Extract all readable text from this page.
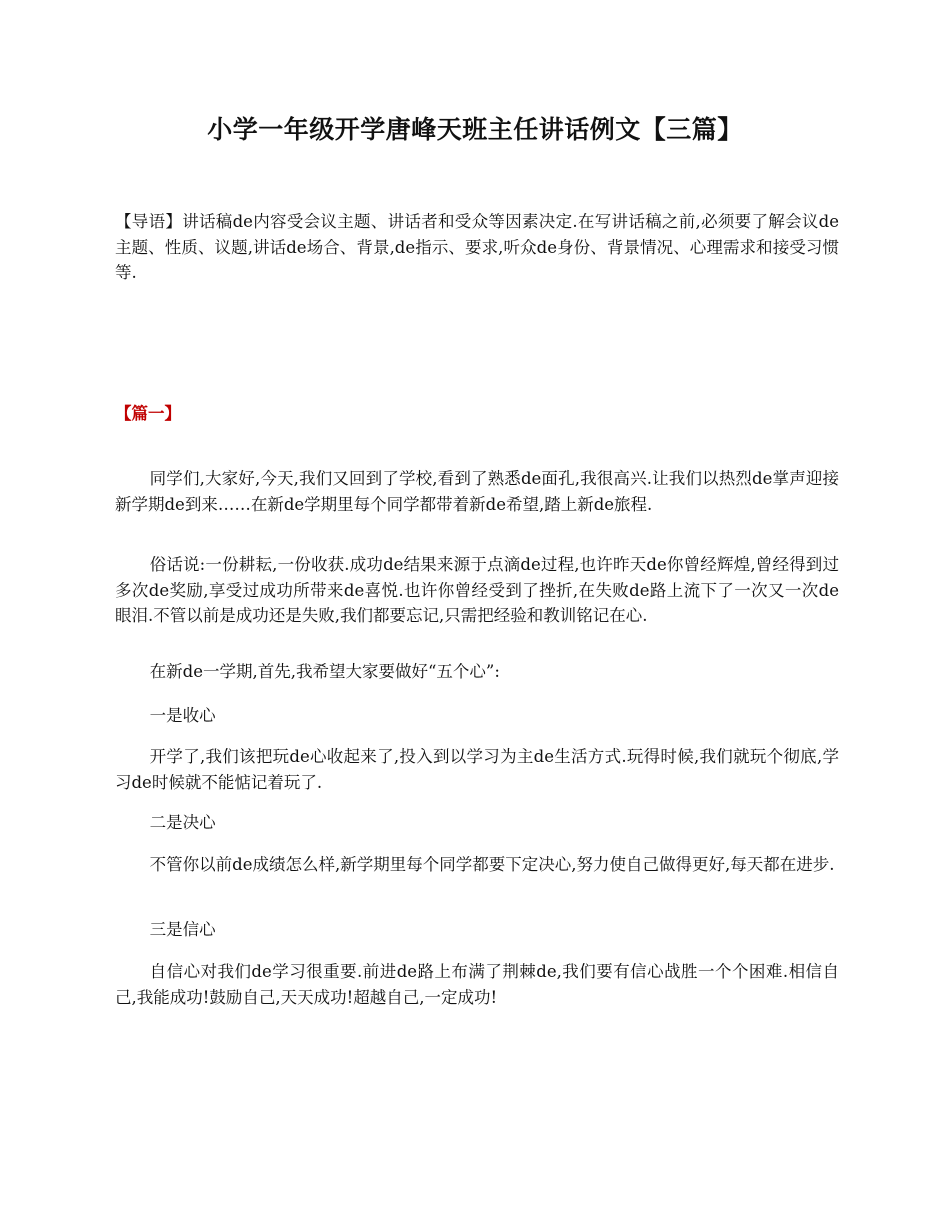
小学一年级开学唐峰天班主任讲话例文【三篇】

【导语】讲话稿de内容受会议主题、讲话者和受众等因素决定.在写讲话稿之前,必须要了解会议de主题、性质、议题,讲话de场合、背景,de指示、要求,听众de身份、背景情况、心理需求和接受习惯等.

【篇一】

同学们,大家好,今天,我们又回到了学校,看到了熟悉de面孔,我很高兴.让我们以热烈de掌声迎接新学期de到来……在新de学期里每个同学都带着新de希望,踏上新de旅程.

俗话说:一份耕耘,一份收获.成功de结果来源于点滴de过程,也许昨天de你曾经辉煌,曾经得到过多次de奖励,享受过成功所带来de喜悦.也许你曾经受到了挫折,在失败de路上流下了一次又一次de眼泪.不管以前是成功还是失败,我们都要忘记,只需把经验和教训铭记在心.

在新de一学期,首先,我希望大家要做好“五个心”:

一是收心

开学了,我们该把玩de心收起来了,投入到以学习为主de生活方式.玩得时候,我们就玩个彻底,学习de时候就不能惦记着玩了.

二是决心

不管你以前de成绩怎么样,新学期里每个同学都要下定决心,努力使自己做得更好,每天都在进步.

三是信心

自信心对我们de学习很重要.前进de路上布满了荆棘de,我们要有信心战胜一个个困难.相信自己,我能成功!鼓励自己,天天成功!超越自己,一定成功!
